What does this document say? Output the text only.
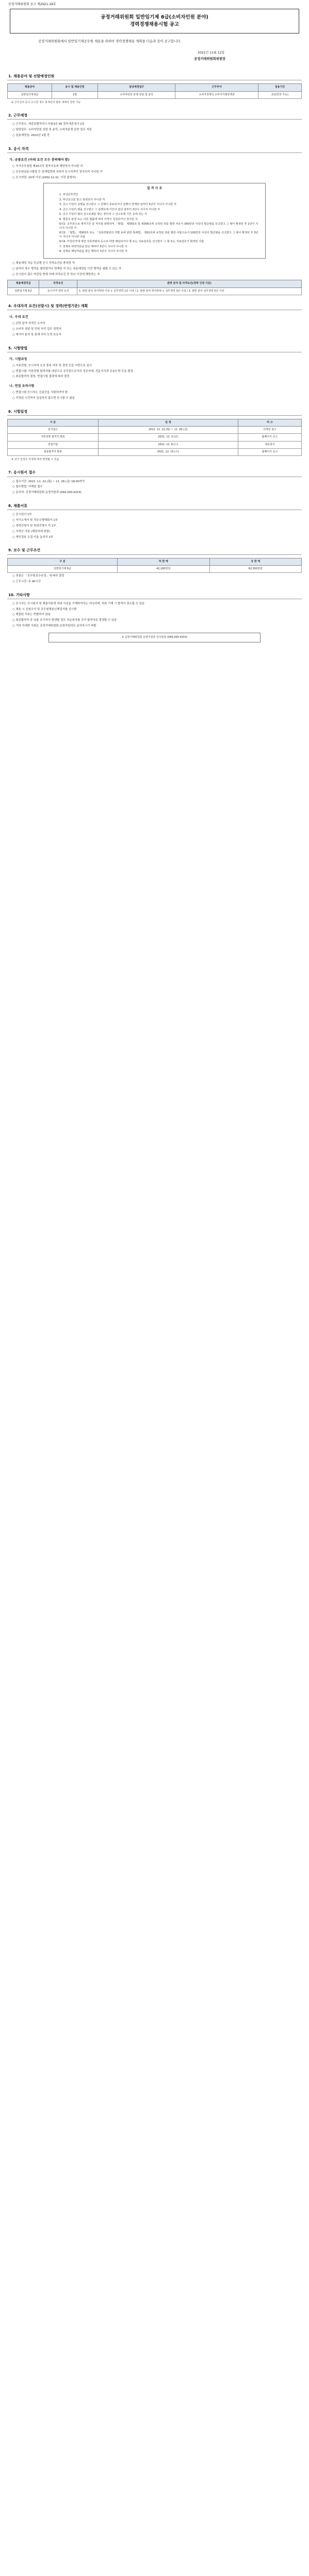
공정거래위원회 공고 제2021-19호
공정거래위원회 일반임기제 6급(소비자민원 분야)
경력경쟁채용시험 공고
공정거래위원회에서 일반임기제공무원 채용을 위하여 경력경쟁채용 계획을 다음과 같이 공고합니다.
2021년 11월 12일
공정거래위원회위원장
1. 채용분야 및 선발예정인원
채용분야	응시 및 채용인원	담당예정업무	근무부서	임용기간
일반임기제 6급	1명	소비자민원 분쟁 상담 및 분석	소비자정책국 소비자거래정책과	2년(연장 가능)
※ 근무실적 등이 우수한 경우 총 5년의 범위 내에서 연장 가능
2. 근무예정
○ 근무장소: 세종특별자치시 다솜3로 95 정부세종청사 2동
○ 담당업무: 소비자민원 상담 및 분석, 소비자분쟁 관련 업무 지원
○ 임용예정일: 2022년 1월 중
3. 응시 자격
가. 공통요건 (아래 요건 모두 충족해야 함)
○ 국가공무원법 제33조의 결격사유에 해당하지 아니한 자
○ 공무원임용시험령 등 관계법령에 의하여 응시자격이 정지되지 아니한 자
○ 응시연령: 20세 이상 (2002.12.31. 이전 출생자)
결 격 사 유
1. 피성년후견인
2. 파산선고를 받고 복권되지 아니한 자
3. 금고 이상의 실형을 선고받고 그 집행이 종료되거나 집행이 면제된 날부터 5년이 지나지 아니한 자
4. 금고 이상의 형을 선고받고 그 집행유예 기간이 끝난 날부터 2년이 지나지 아니한 자
5. 금고 이상의 형의 선고유예를 받은 경우에 그 선고유예 기간 중에 있는 자
6. 법원의 판결 또는 다른 법률에 따라 자격이 상실되거나 정지된 자
6의2. 공무원으로 재직기간 중 직무와 관련하여 「형법」 제355조 및 제356조에 규정된 죄를 범한 자로서 300만원 이상의 벌금형을 선고받고 그 형이 확정된 후 2년이 지나지 아니한 자
6의3. 「형법」 제303조 또는 「성폭력범죄의 처벌 등에 관한 특례법」 제10조에 규정된 죄를 범한 사람으로서 100만원 이상의 벌금형을 선고받고 그 형이 확정된 후 3년이 지나지 아니한 사람
6의4. 미성년자에 대한 성폭력범죄 등으로 파면·해임되거나 형 또는 치료감호를 선고받아 그 형 또는 치료감호가 확정된 사람
7. 징계로 파면처분을 받은 때부터 5년이 지나지 아니한 자
8. 징계로 해임처분을 받은 때부터 3년이 지나지 아니한 자
○ 채용예정 직급 등급별 응시 자격요건을 충족한 자
○ 남자의 경우 병역을 필하였거나 면제된 자 또는 임용예정일 이전 병역을 필할 수 있는 자
○ 응시원서 접수 마감일 현재 아래 자격요건 중 하나 이상에 해당하는 자
채용예정직급	자격요건	관련 분야 및 자격요건(경력 인정 기준)
일반임기제 6급	응시자격 경력 요건	1. 관련 분야 석사학위 이상 + 실무경력 1년 이상 / 2. 관련 분야 학사학위 + 실무경력 3년 이상 / 3. 관련 분야 실무경력 5년 이상
4. 우대자격 요건(선발시) 및 경력(반영기준) 계획
나. 우대 요건
○ 관련 분야 자격증 소지자
○ 소비자 상담 및 민원 처리 업무 경력자
○ 데이터 분석 및 통계 처리 능력 보유자
5. 시험방법
가. 시험과정
○ 서류전형: 응시자격 요건 충족 여부 및 경력 등을 서면으로 심사
○ 면접시험: 서류전형 합격자를 대상으로 공무원으로서의 정신자세, 전문지식과 응용능력 등을 평정
○ 최종합격자 결정: 면접시험 결과에 따라 결정
나. 면접 유의사항
○ 면접시험 응시자는 신분증을 지참하여야 함
○ 지정된 시간까지 입실하지 않으면 응시할 수 없음
6. 시험일정
구 분	일 정	비 고
원서접수	2021. 11. 22.(월) ~ 11. 26.(금)	이메일 접수
서류전형 합격자 발표	2021. 12. 3.(금)	홈페이지 공고
면접시험	2021. 12. 8.(수)	세종청사
최종합격자 발표	2021. 12. 15.(수)	홈페이지 공고
※ 상기 일정은 사정에 따라 변경될 수 있음
7. 응시원서 접수
○ 접수기간: 2021. 11. 22.(월) ~ 11. 26.(금) 18:00까지
○ 접수방법: 이메일 접수
○ 문의처: 공정거래위원회 운영지원과 (044-200-4153)
8. 제출서류
○ 응시원서 1부
○ 자기소개서 및 직무수행계획서 1부
○ 경력증명서 및 학위증명서 각 1부
○ 자격증 사본 (해당자에 한함)
○ 개인정보 수집·이용 동의서 1부
9. 보수 및 근무조건
구 분	하 한 액	상 한 액
일반임기제 6급	42,180천원	62,550천원
○ 연봉은 「공무원보수규정」에 따라 결정
○ 근무시간: 주 40시간
10. 기타사항
○ 응시자는 응시원서 및 제출서류에 허위 사실을 기재하여서는 아니되며, 허위 기재 시 합격이 취소될 수 있음
○ 채용 시 신원조사 및 공무원채용신체검사를 실시함
○ 제출된 서류는 반환하지 않음
○ 최종합격자 중 임용 포기자가 발생할 경우 차순위자를 추가 합격자로 결정할 수 있음
○ 기타 자세한 사항은 공정거래위원회 운영지원과로 문의하시기 바람
※ 공정거래위원회 운영지원과 인사담당 (044-200-4153)
